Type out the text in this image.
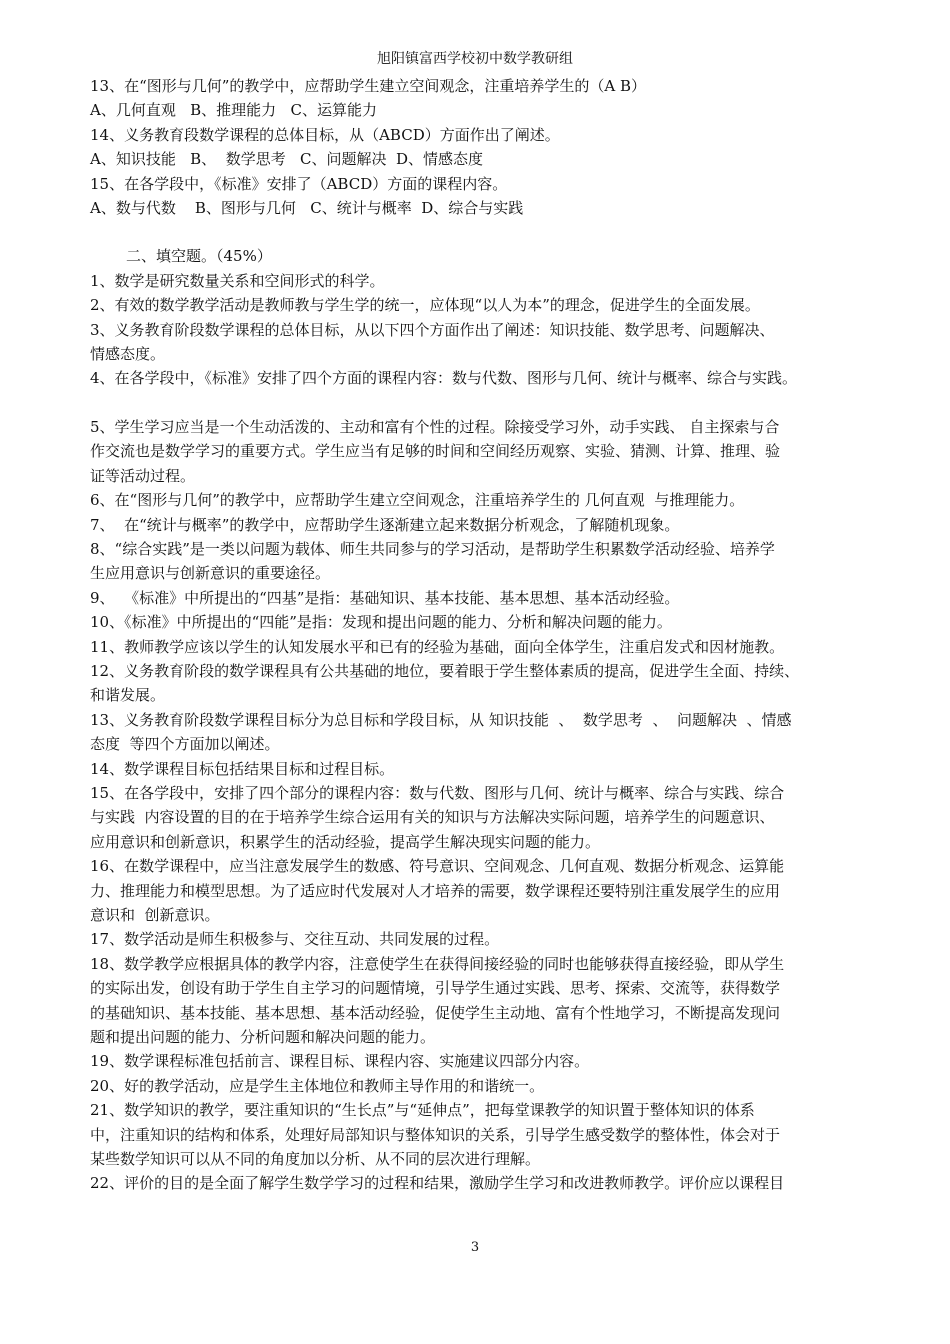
旭阳镇富西学校初中数学教研组
13、在“图形与几何”的教学中，应帮助学生建立空间观念，注重培养学生的（A B）
A、几何直观   B、推理能力   C、运算能力
14、义务教育段数学课程的总体目标，从（ABCD）方面作出了阐述。
A、知识技能   B、  数学思考   C、问题解决  D、情感态度
15、在各学段中，《标准》安排了（ABCD）方面的课程内容。
A、数与代数    B、图形与几何   C、统计与概率  D、综合与实践
二、填空题。（45%）
1、数学是研究数量关系和空间形式的科学。
2、有效的数学教学活动是教师教与学生学的统一，应体现“以人为本”的理念，促进学生的全面发展。
3、义务教育阶段数学课程的总体目标，从以下四个方面作出了阐述：知识技能、数学思考、问题解决、
情感态度。
4、在各学段中，《标准》安排了四个方面的课程内容：数与代数、图形与几何、统计与概率、综合与实践。
5、学生学习应当是一个生动活泼的、主动和富有个性的过程。除接受学习外，动手实践、 自主探索与合
作交流也是数学学习的重要方式。学生应当有足够的时间和空间经历观察、实验、猜测、计算、推理、验
证等活动过程。
6、在“图形与几何”的教学中，应帮助学生建立空间观念，注重培养学生的 几何直观  与推理能力。
7、  在“统计与概率”的教学中，应帮助学生逐渐建立起来数据分析观念，了解随机现象。
8、“综合实践”是一类以问题为载体、师生共同参与的学习活动，是帮助学生积累数学活动经验、培养学
生应用意识与创新意识的重要途径。
9、  《标准》中所提出的“四基”是指：基础知识、基本技能、基本思想、基本活动经验。
10、《标准》中所提出的“四能”是指：发现和提出问题的能力、分析和解决问题的能力。
11、教师教学应该以学生的认知发展水平和已有的经验为基础，面向全体学生，注重启发式和因材施教。
12、义务教育阶段的数学课程具有公共基础的地位，要着眼于学生整体素质的提高，促进学生全面、持续、
和谐发展。
13、义务教育阶段数学课程目标分为总目标和学段目标，从 知识技能  、  数学思考  、  问题解决  、情感
态度  等四个方面加以阐述。
14、数学课程目标包括结果目标和过程目标。
15、在各学段中，安排了四个部分的课程内容：数与代数、图形与几何、统计与概率、综合与实践、综合
与实践  内容设置的目的在于培养学生综合运用有关的知识与方法解决实际问题，培养学生的问题意识、
应用意识和创新意识，积累学生的活动经验，提高学生解决现实问题的能力。
16、在数学课程中，应当注意发展学生的数感、符号意识、空间观念、几何直观、数据分析观念、运算能
力、推理能力和模型思想。为了适应时代发展对人才培养的需要，数学课程还要特别注重发展学生的应用
意识和  创新意识。
17、数学活动是师生积极参与、交往互动、共同发展的过程。
18、数学教学应根据具体的教学内容，注意使学生在获得间接经验的同时也能够获得直接经验，即从学生
的实际出发，创设有助于学生自主学习的问题情境，引导学生通过实践、思考、探索、交流等，获得数学
的基础知识、基本技能、基本思想、基本活动经验，促使学生主动地、富有个性地学习，不断提高发现问
题和提出问题的能力、分析问题和解决问题的能力。
19、数学课程标准包括前言、课程目标、课程内容、实施建议四部分内容。
20、好的教学活动，应是学生主体地位和教师主导作用的和谐统一。
21、数学知识的教学，要注重知识的“生长点”与“延伸点”，把每堂课教学的知识置于整体知识的体系
中，注重知识的结构和体系，处理好局部知识与整体知识的关系，引导学生感受数学的整体性，体会对于
某些数学知识可以从不同的角度加以分析、从不同的层次进行理解。
22、评价的目的是全面了解学生数学学习的过程和结果，激励学生学习和改进教师教学。评价应以课程目
3
